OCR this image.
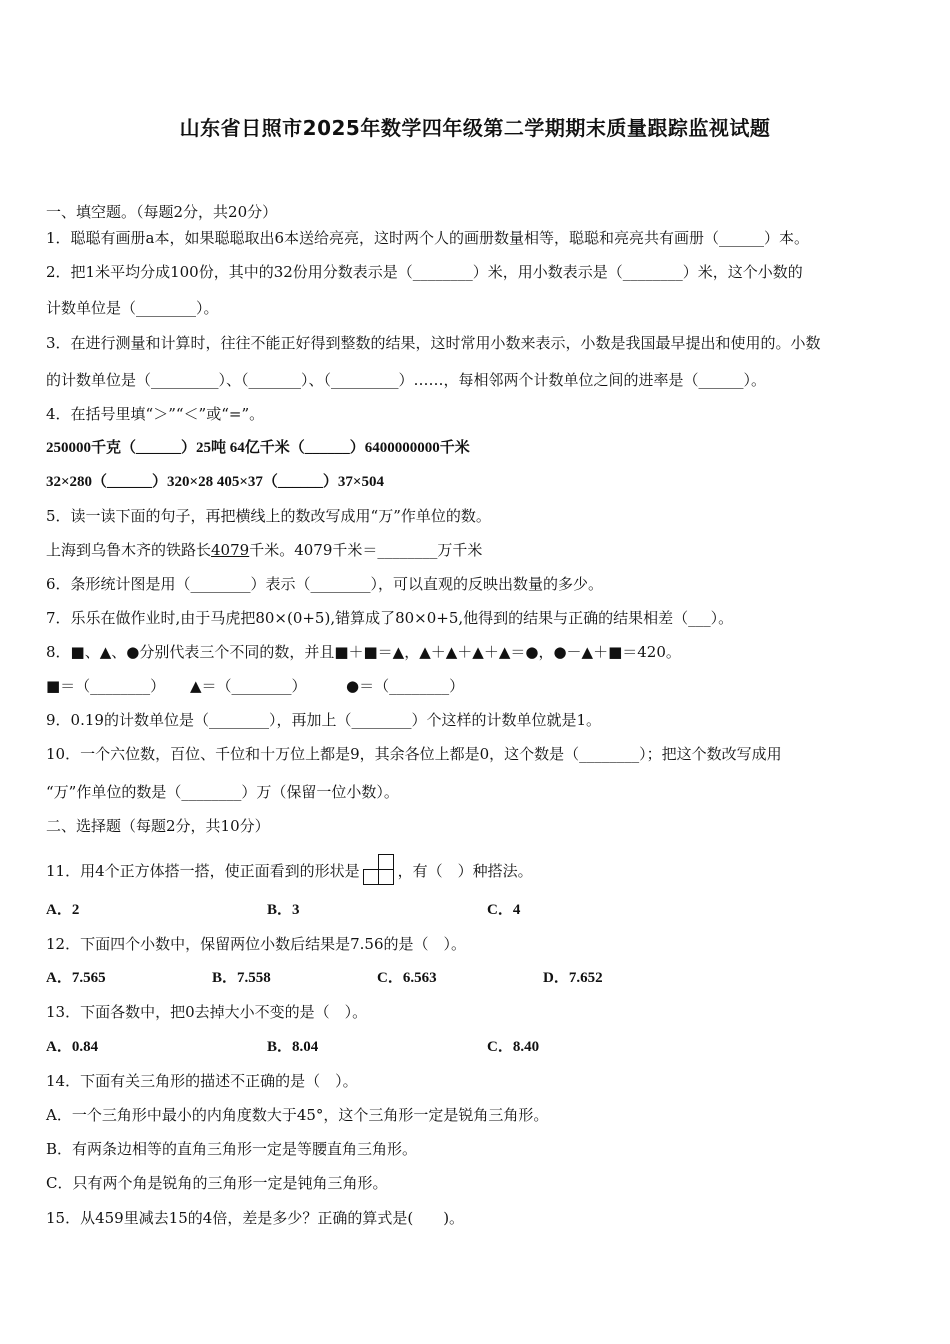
山东省日照市2025年数学四年级第二学期期末质量跟踪监视试题
一、填空题。（每题2分，共20分）
1．聪聪有画册a本，如果聪聪取出6本送给亮亮，这时两个人的画册数量相等，聪聪和亮亮共有画册（______）本。
2．把1米平均分成100份，其中的32份用分数表示是（________）米，用小数表示是（________）米，这个小数的
计数单位是（________）。
3．在进行测量和计算时，往往不能正好得到整数的结果，这时常用小数来表示，小数是我国最早提出和使用的。小数
的计数单位是（_________）、（_______）、（_________）……，每相邻两个计数单位之间的进率是（______）。
4．在括号里填“＞”“＜”或“=”。
250000千克（______）25吨 64亿千米（______）6400000000千米
32×280（______）320×28 405×37（______）37×504
5．读一读下面的句子，再把横线上的数改写成用“万”作单位的数。
上海到乌鲁木齐的铁路长4079千米。4079千米＝________万千米
6．条形统计图是用（________）表示（________），可以直观的反映出数量的多少。
7．乐乐在做作业时,由于马虎把80×(0+5),错算成了80×0+5,他得到的结果与正确的结果相差（___）。
8．■、▲、●分别代表三个不同的数，并且■＋■＝▲，▲＋▲＋▲＋▲＝●，●－▲＋■＝420。
■＝（________） ▲＝（________）	●＝（________）
9．0.19的计数单位是（________），再加上（________）个这样的计数单位就是1。
10．一个六位数，百位、千位和十万位上都是9，其余各位上都是0，这个数是（________）；把这个数改写成用
“万”作单位的数是（________）万（保留一位小数）。
二、选择题（每题2分，共10分）
11．用4个正方体搭一搭，使正面看到的形状是	，有（　）种搭法。
A．2	B．3	C．4
12．下面四个小数中，保留两位小数后结果是7.56的是（　）。
A．7.565	B．7.558	C．6.563	D．7.652
13．下面各数中，把0去掉大小不变的是（　）。
A．0.84	B．8.04	C．8.40
14．下面有关三角形的描述不正确的是（　）。
A．一个三角形中最小的内角度数大于45°，这个三角形一定是锐角三角形。
B．有两条边相等的直角三角形一定是等腰直角三角形。
C．只有两个角是锐角的三角形一定是钝角三角形。
15．从459里减去15的4倍，差是多少？正确的算式是(　　)。
